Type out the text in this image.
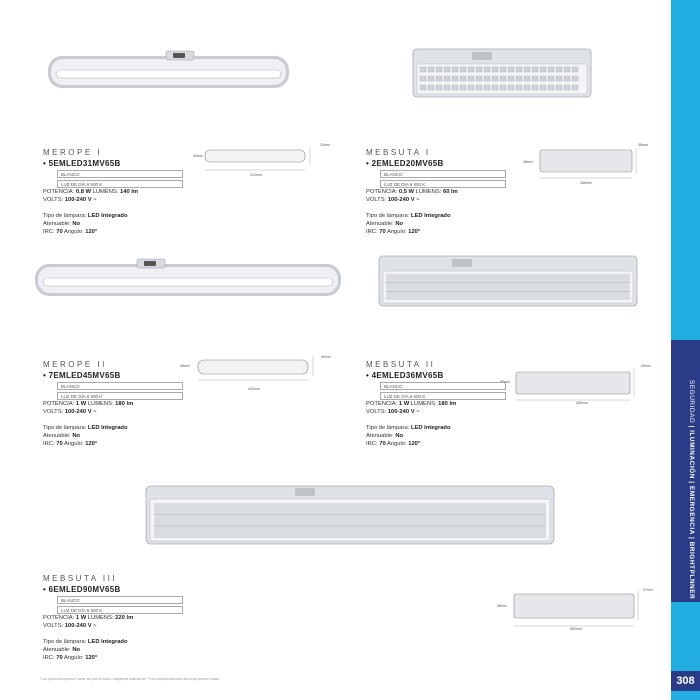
SEGURIDAD | ILUMINACIÓN | EMERGENCIA | BRIGHTPLNNER
308
310mm
40mm
33mm
285mm
48mm
38mm
402mm
48mm
40mm
360mm
58mm
33mm
560mm
58mm
37mm
MEROPE I
• 5EMLED31MV65B
BLANCO
LUZ DE DÍA 6 500 K
POTENCIA: 0.8 W LUMENS: 140 lm
VOLTS: 100-240 V ~
Tipo de lámpara: LED Integrado
Atenuable: No
IRC: 70 Angulo: 120°
MEBSUTA I
• 2EMLED20MV65B
BLANCO
LUZ DE DÍA 6 500 K
POTENCIA: 0.5 W LUMENS: 60 lm
VOLTS: 100-240 V ~
Tipo de lámpara: LED Integrado
Atenuable: No
IRC: 70 Angulo: 120°
MEROPE II
• 7EMLED45MV65B
BLANCO
LUZ DE DÍA 6 500 K
POTENCIA: 1 W LUMENS: 180 lm
VOLTS: 100-240 V ~
Tipo de lámpara: LED Integrado
Atenuable: No
IRC: 70 Angulo: 120°
MEBSUTA II
• 4EMLED36MV65B
BLANCO
LUZ DE DÍA 6 500 K
POTENCIA: 1 W LUMENS: 180 lm
VOLTS: 100-240 V ~
Tipo de lámpara: LED Integrado
Atenuable: No
IRC: 70 Angulo: 120°
MEBSUTA III
• 6EMLED90MV65B
BLANCO
LUZ DE DÍA 6 500 K
POTENCIA: 1 W LUMENS: 220 lm
VOLTS: 100-240 V ~
Tipo de lámpara: LED Integrado
Atenuable: No
IRC: 70 Angulo: 120°
*Los productos pueden variar sin previo aviso. Imágenes ilustrativas. **Las especificaciones técnicas pueden variar.
